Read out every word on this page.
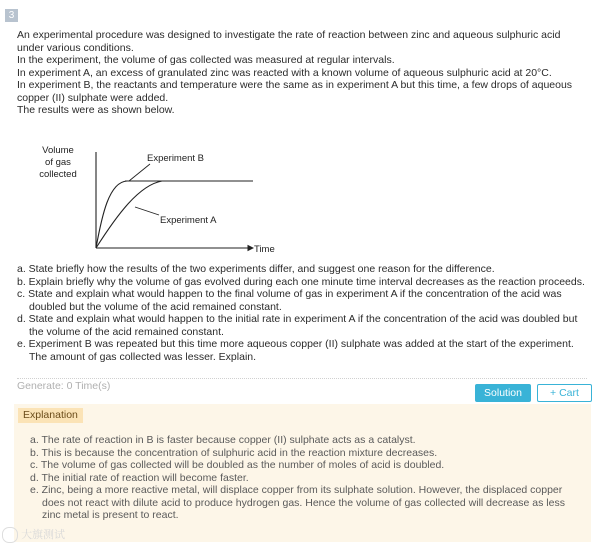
3

An experimental procedure was designed to investigate the rate of reaction between zinc and aqueous sulphuric acid under various conditions.

In the experiment, the volume of gas collected was measured at regular intervals.

In experiment A, an excess of granulated zinc was reacted with a known volume of aqueous sulphuric acid at 20°C.

In experiment B, the reactants and temperature were the same as in experiment A but this time, a few drops of aqueous copper (II) sulphate were added.

The results were as shown below.

Volume
of gas
collected
Time
Experiment B
Experiment A

a. State briefly how the results of the two experiments differ, and suggest one reason for the difference.

b. Explain briefly why the volume of gas evolved during each one minute time interval decreases as the reaction proceeds.

c. State and explain what would happen to the final volume of gas in experiment A if the concentration of the acid was doubled but the volume of the acid remained constant.

d. State and explain what would happen to the initial rate in experiment A if the concentration of the acid was doubled but the volume of the acid remained constant.

e. Experiment B was repeated but this time more aqueous copper (II) sulphate was added at the start of the experiment. The amount of gas collected was lesser. Explain.

Generate: 0 Time(s)
Solution	+ Cart
Explanation

a. The rate of reaction in B is faster because copper (II) sulphate acts as a catalyst.

b. This is because the concentration of sulphuric acid in the reaction mixture decreases.

c. The volume of gas collected will be doubled as the number of moles of acid is doubled.

d. The initial rate of reaction will become faster.

e. Zinc, being a more reactive metal, will displace copper from its sulphate solution. However, the displaced copper does not react with dilute acid to produce hydrogen gas. Hence the volume of gas collected will decrease as less zinc metal is present to react.

大旗测试
